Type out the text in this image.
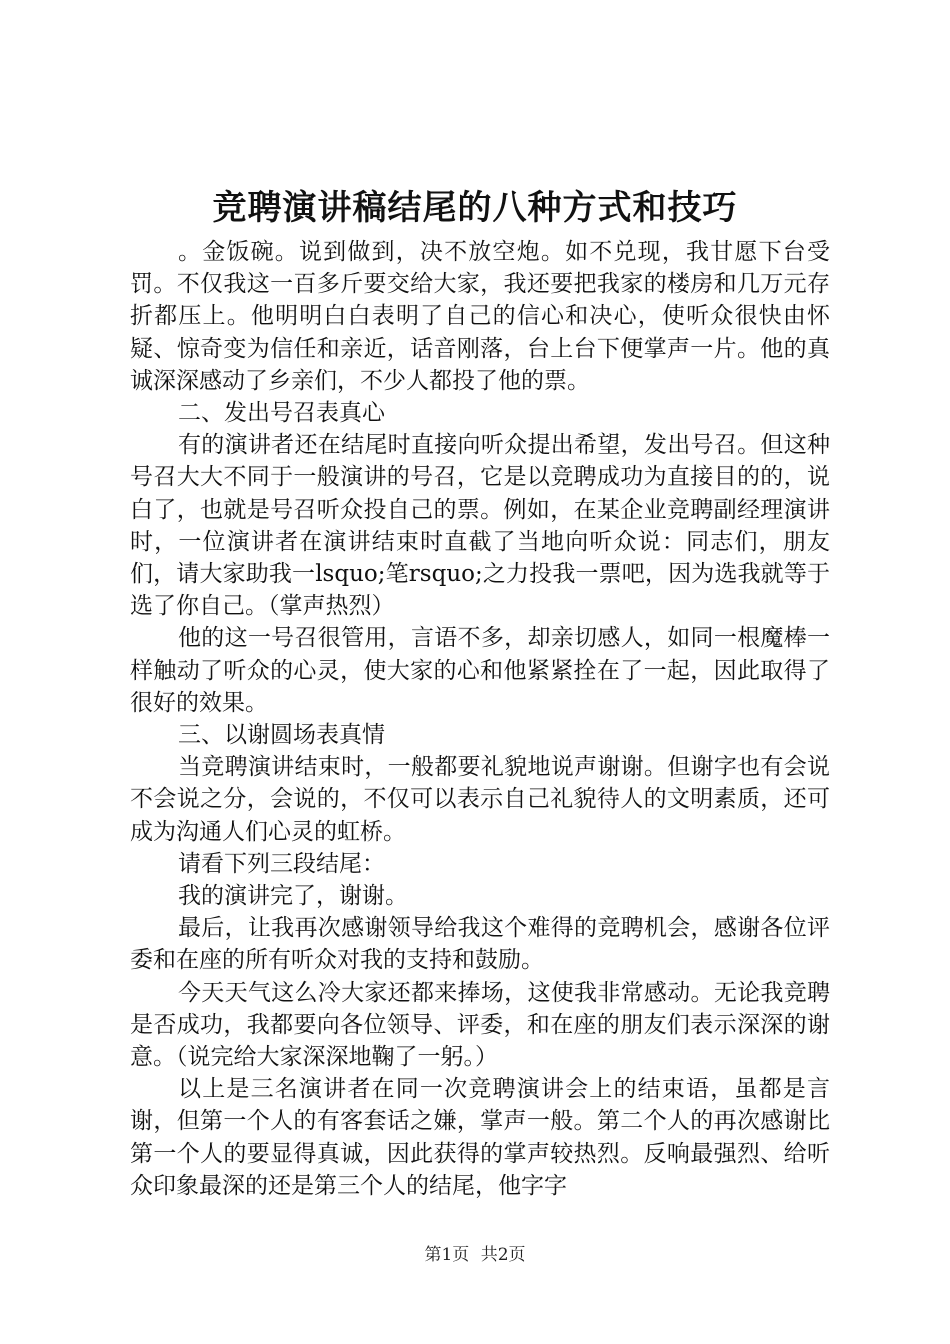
竞聘演讲稿结尾的八种方式和技巧

。金饭碗。说到做到，决不放空炮。如不兑现，我甘愿下台受罚。不仅我这一百多斤要交给大家，我还要把我家的楼房和几万元存折都压上。他明明白白表明了自己的信心和决心，使听众很快由怀疑、惊奇变为信任和亲近，话音刚落，台上台下便掌声一片。他的真诚深深感动了乡亲们，不少人都投了他的票。

二、发出号召表真心

有的演讲者还在结尾时直接向听众提出希望，发出号召。但这种号召大大不同于一般演讲的号召，它是以竞聘成功为直接目的的，说白了，也就是号召听众投自己的票。例如，在某企业竞聘副经理演讲时，一位演讲者在演讲结束时直截了当地向听众说：同志们，朋友们，请大家助我一lsquo;笔rsquo;之力投我一票吧，因为选我就等于选了你自己。（掌声热烈）

他的这一号召很管用，言语不多，却亲切感人，如同一根魔棒一样触动了听众的心灵，使大家的心和他紧紧拴在了一起，因此取得了很好的效果。

三、以谢圆场表真情

当竞聘演讲结束时，一般都要礼貌地说声谢谢。但谢字也有会说不会说之分，会说的，不仅可以表示自己礼貌待人的文明素质，还可成为沟通人们心灵的虹桥。

请看下列三段结尾：

我的演讲完了，谢谢。

最后，让我再次感谢领导给我这个难得的竞聘机会，感谢各位评委和在座的所有听众对我的支持和鼓励。

今天天气这么冷大家还都来捧场，这使我非常感动。无论我竞聘是否成功，我都要向各位领导、评委，和在座的朋友们表示深深的谢意。（说完给大家深深地鞠了一躬。）

以上是三名演讲者在同一次竞聘演讲会上的结束语，虽都是言谢，但第一个人的有客套话之嫌，掌声一般。第二个人的再次感谢比第一个人的要显得真诚，因此获得的掌声较热烈。反响最强烈、给听众印象最深的还是第三个人的结尾，他字字

第1页 共2页
